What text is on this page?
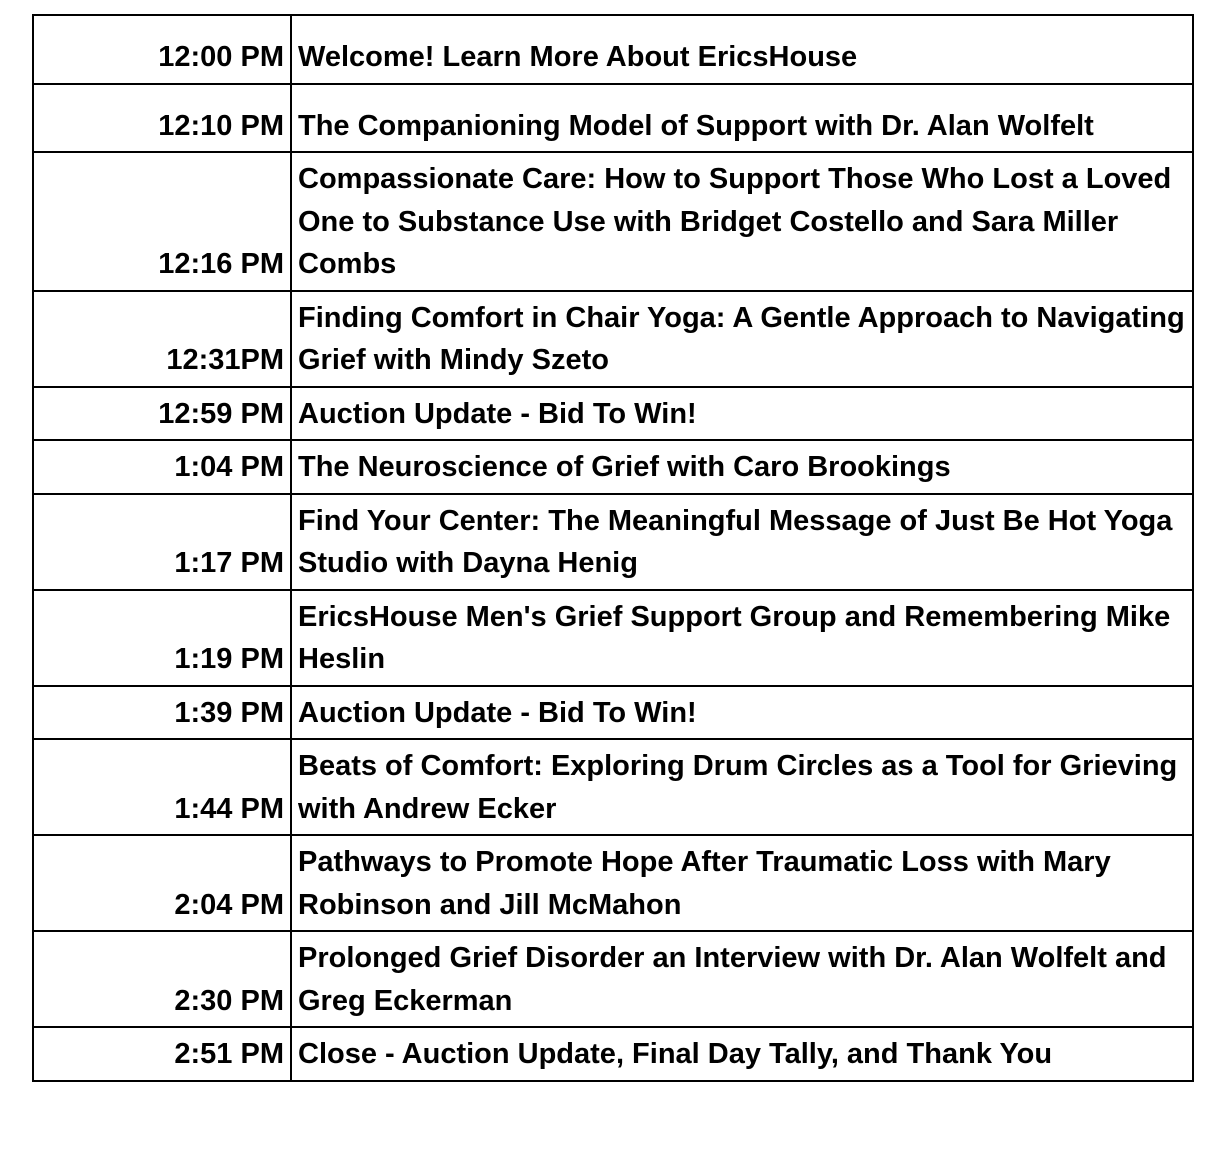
12:00 PM	Welcome! Learn More About EricsHouse
12:10 PM	The Companioning Model of Support with Dr. Alan Wolfelt
12:16 PM	Compassionate Care: How to Support Those Who Lost a Loved One to Substance Use with Bridget Costello and Sara Miller Combs
12:31PM	Finding Comfort in Chair Yoga: A Gentle Approach to Navigating Grief with Mindy Szeto
12:59 PM	Auction Update - Bid To Win!
1:04 PM	The Neuroscience of Grief with Caro Brookings
1:17 PM	Find Your Center: The Meaningful Message of Just Be Hot Yoga Studio with Dayna Henig
1:19 PM	EricsHouse Men's Grief Support Group and Remembering Mike Heslin
1:39 PM	Auction Update - Bid To Win!
1:44 PM	Beats of Comfort: Exploring Drum Circles as a Tool for Grieving with Andrew Ecker
2:04 PM	Pathways to Promote Hope After Traumatic Loss with Mary Robinson and Jill McMahon
2:30 PM	Prolonged Grief Disorder an Interview with Dr. Alan Wolfelt and Greg Eckerman
2:51 PM	Close - Auction Update, Final Day Tally, and Thank You
